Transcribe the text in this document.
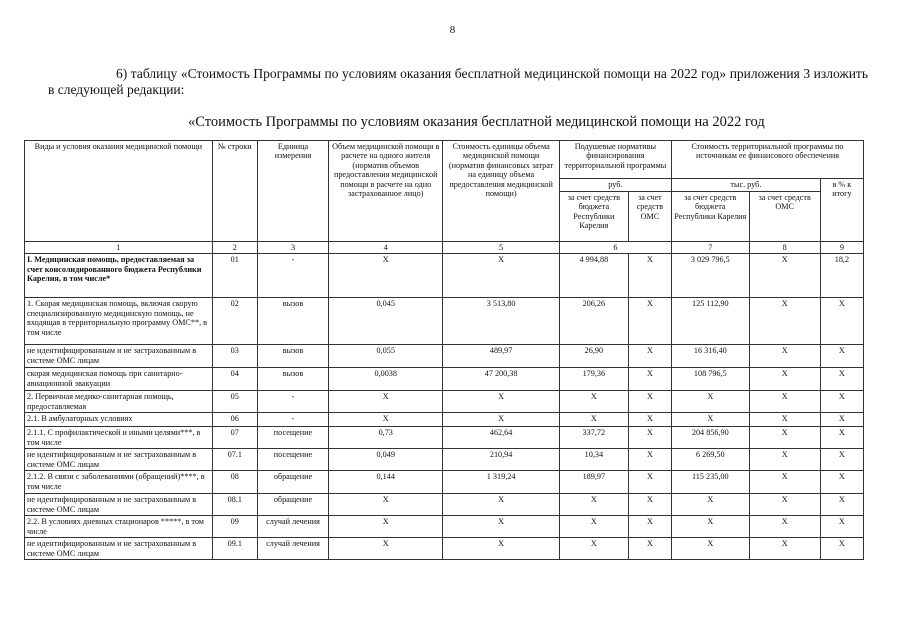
8
6) таблицу «Стоимость Программы по условиям оказания бесплатной медицинской помощи на 2022 год» приложения 3 изложить в следующей редакции:
«Стоимость Программы по условиям оказания бесплатной медицинской помощи на 2022 год
Виды и условия оказания медицинской помощи	№ строки	Единица измерения	Объем медицинской помощи в расчете на одного жителя (норматив объемов предоставления медицинской помощи в расчете на одно застрахованное лицо)	Стоимость единицы объема медицинской помощи (норматив финансовых затрат на единицу объема предоставления медицинской помощи)	Подушевые нормативы финансирования территориальной программы		Стоимость территориальной программы по источникам ее финансового обеспечения		
					руб.		тыс. руб.		в % к итогу
					за счет средств бюджета Республики Карелия	за счет средств ОМС	за счет средств бюджета Республики Карелия	за счет средств ОМС	
1	2	3	4	5	6		7	8	9
I. Медицинская помощь, предоставляемая за счет консолидированного бюджета Республики Карелия, в том числе*	01	-	X	X	4 994,88	X	3 029 796,5	X	18,2
1. Скорая медицинская помощь, включая скорую специализированную медицинскую помощь, не входящая в территориальную программу ОМС**, в том числе	02	вызов	0,045	3 513,80	206,26	X	125 112,90	X	X
не идентифицированным и не застрахованным в системе ОМС лицам	03	вызов	0,055	489,97	26,90	X	16 316,40	X	X
скорая медицинская помощь при санитарно-авиационной эвакуации	04	вызов	0,0038	47 200,38	179,36	X	108 796,5	X	X
2. Первичная медико-санитарная помощь, предоставляемая	05	-	X	X	X	X	X	X	X
2.1. В амбулаторных условиях	06	-	X	X	X	X	X	X	X
2.1.1. С профилактической и иными целями***, в том числе	07	посещение	0,73	462,64	337,72	X	204 856,90	X	X
не идентифицированным и не застрахованным в системе ОМС лицам	07.1	посещение	0,049	210,94	10,34	X	6 269,50	X	X
2.1.2. В связи с заболеваниями (обращений)****, в том числе	08	обращение	0,144	1 319,24	189,97	X	115 235,00	X	X
не идентифицированным и не застрахованным в системе ОМС лицам	08.1	обращение	X	X	X	X	X	X	X
2.2. В условиях дневных стационаров *****, в том числе	09	случай лечения	X	X	X	X	X	X	X
не идентифицированным и не застрахованным в системе ОМС лицам	09.1	случай лечения	X	X	X	X	X	X	X
